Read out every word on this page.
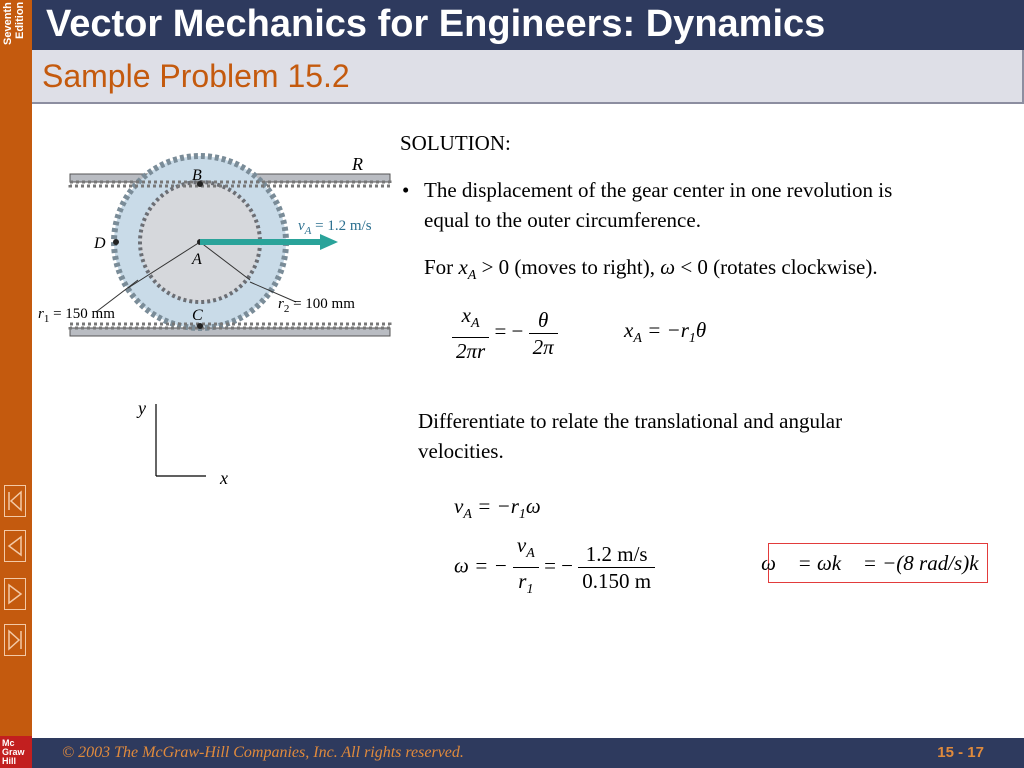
Seventh Edition
Mc Graw Hill
Vector Mechanics for Engineers: Dynamics
Sample Problem 15.2
R
B
D
A
C
$v_A = 1.2$ m/s
$r_1 = 150$ mm
$r_2 = 100$ mm
y
x
SOLUTION:
• The displacement of the gear center in one revolution is
equal to the outer circumference.
For $x_A > 0$ (moves to right), ω < 0 (rotates clockwise).
$\frac{x_A}{2\pi r}$ = − $\frac{\theta}{2\pi}$	$x_A = -r_1\theta$
Differentiate to relate the translational and angular
velocities.
$v_A = -r_1\omega$
ω = − $\frac{v_A}{r_1}$ = − $\frac{1.2 m/s}{0.150 m}$	ω⃗ = ωk⃗ = −(8 rad/s)k⃗
© 2003 The McGraw-Hill Companies, Inc. All rights reserved.	15 - 17
